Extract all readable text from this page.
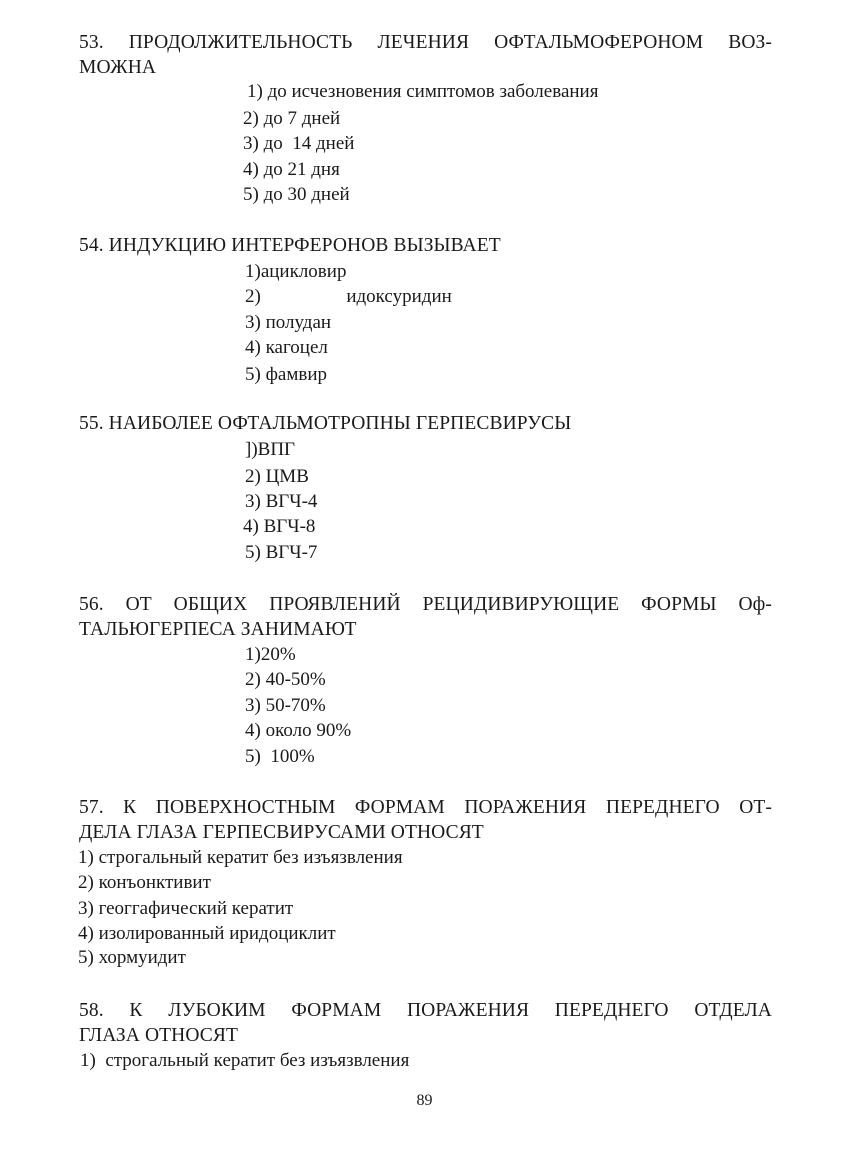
53. ПРОДОЛЖИТЕЛЬНОСТЬ ЛЕЧЕНИЯ ОФТАЛЬМОФЕРОНОМ ВОЗ-
МОЖНА
1) до исчезновения симптомов заболевания
2) до 7 дней
3) до  14 дней
4) до 21 дня
5) до 30 дней
54. ИНДУКЦИЮ ИНТЕРФЕРОНОВ ВЫЗЫВАЕТ
1)ацикловир
2)                  идоксуридин
3) полудан
4) кагоцел
5) фамвир
55. НАИБОЛЕЕ ОФТАЛЬМОТРОПНЫ ГЕРПЕСВИРУСЫ
])ВПГ
2) ЦМВ
3) ВГЧ-4
4) ВГЧ-8
5) ВГЧ-7
56. ОТ ОБЩИХ ПРОЯВЛЕНИЙ РЕЦИДИВИРУЮЩИЕ ФОРМЫ Оф-
ТАЛЬЮГЕРПЕСА ЗАНИМАЮТ
1)20%
2) 40-50%
3) 50-70%
4) около 90%
5)  100%
57. К ПОВЕРХНОСТНЫМ ФОРМАМ ПОРАЖЕНИЯ ПЕРЕДНЕГО ОТ-
ДЕЛА ГЛАЗА ГЕРПЕСВИРУСАМИ ОТНОСЯТ
1) строгальный кератит без изъязвления
2) конъонктивит
3) геоггафический кератит
4) изолированный иридоциклит
5) хормуидит
58. К ЛУБОКИМ ФОРМАМ ПОРАЖЕНИЯ ПЕРЕДНЕГО ОТДЕЛА
ГЛАЗА ОТНОСЯТ
1)  строгальный кератит без изъязвления
89
